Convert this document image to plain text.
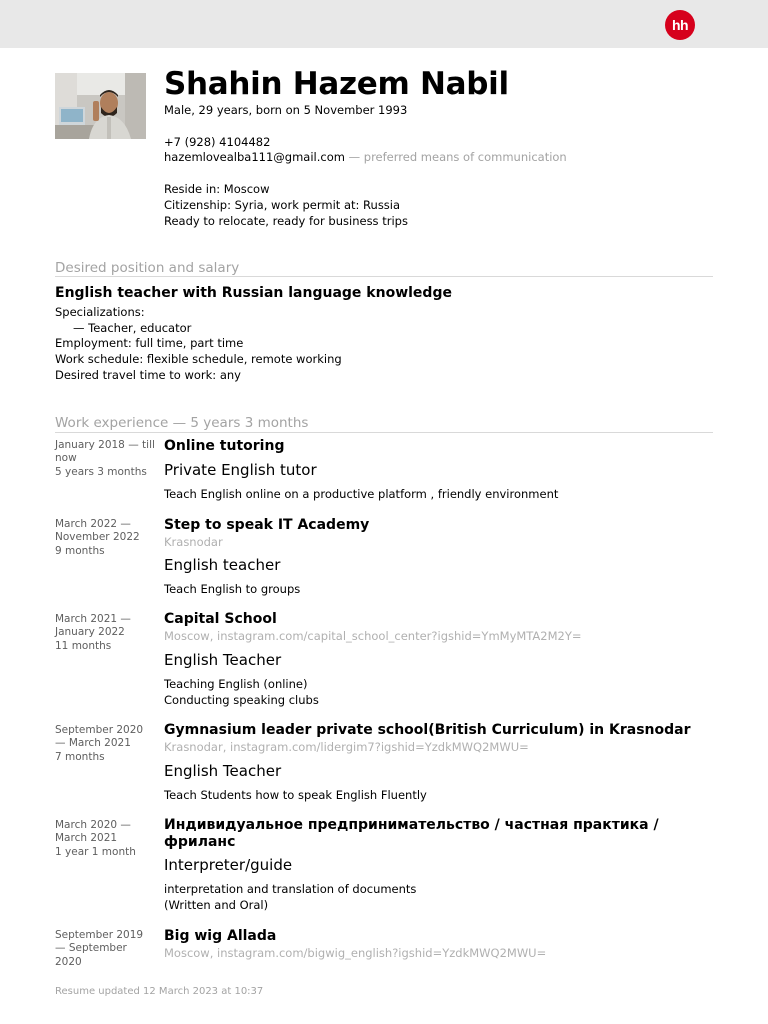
hh
Shahin Hazem Nabil
Male, 29 years, born on 5 November 1993
+7 (928) 4104482
hazemlovealba111@gmail.com — preferred means of communication
Reside in: Moscow
Citizenship: Syria, work permit at: Russia
Ready to relocate, ready for business trips
Desired position and salary
English teacher with Russian language knowledge
Specializations:
— Teacher, educator
Employment: full time, part time
Work schedule: flexible schedule, remote working
Desired travel time to work: any
Work experience — 5 years 3 months
January 2018 — till now
5 years 3 months
Online tutoring
Private English tutor
Teach English online on a productive platform , friendly environment
March 2022 — November 2022
9 months
Step to speak IT Academy
Krasnodar
English teacher
Teach English to groups
March 2021 — January 2022
11 months
Capital School
Moscow, instagram.com/capital_school_center?igshid=YmMyMTA2M2Y=
English Teacher
Teaching English (online)
Conducting speaking clubs
September 2020 — March 2021
7 months
Gymnasium leader private school(British Curriculum) in Krasnodar
Krasnodar, instagram.com/lidergim7?igshid=YzdkMWQ2MWU=
English Teacher
Teach Students how to speak English Fluently
March 2020 — March 2021
1 year 1 month
Индивидуальное предпринимательство / частная практика / фриланс
Interpreter/guide
interpretation and translation of documents
(Written and Oral)
September 2019 — September 2020
Big wig Allada
Moscow, instagram.com/bigwig_english?igshid=YzdkMWQ2MWU=
Resume updated 12 March 2023 at 10:37
